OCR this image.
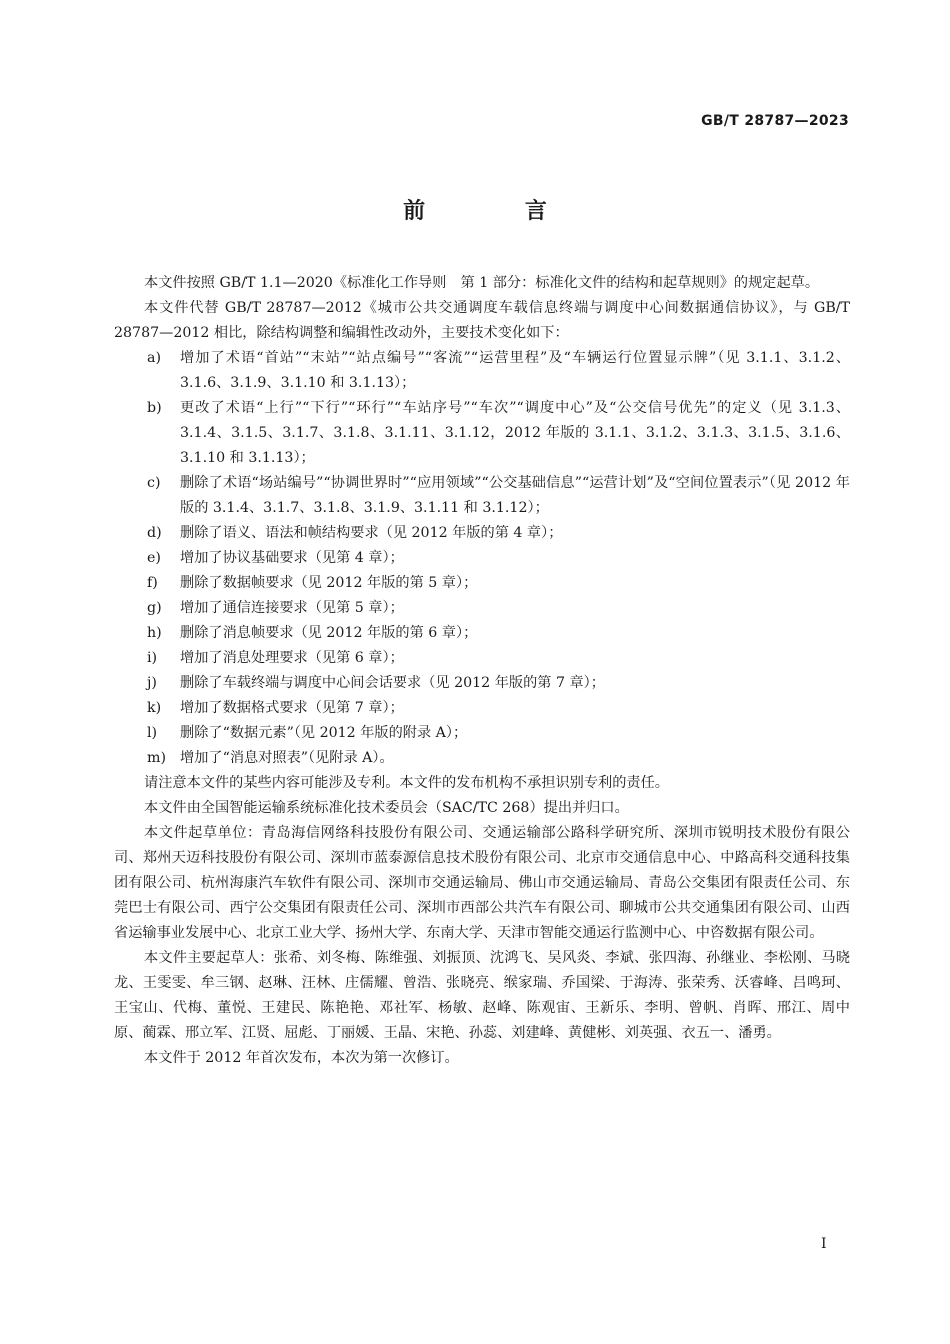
GB/T 28787—2023
前 言

本文件按照 GB/T 1.1—2020《标准化工作导则　第 1 部分：标准化文件的结构和起草规则》的规定起草。

本文件代替 GB/T 28787—2012《城市公共交通调度车载信息终端与调度中心间数据通信协议》，与 GB/T 28787—2012 相比，除结构调整和编辑性改动外，主要技术变化如下：

a) 增加了术语“首站”“末站”“站点编号”“客流”“运营里程”及“车辆运行位置显示牌”（见 3.1.1、3.1.2、3.1.6、3.1.9、3.1.10 和 3.1.13）；

b) 更改了术语“上行”“下行”“环行”“车站序号”“车次”“调度中心”及“公交信号优先”的定义（见 3.1.3、3.1.4、3.1.5、3.1.7、3.1.8、3.1.11、3.1.12，2012 年版的 3.1.1、3.1.2、3.1.3、3.1.5、3.1.6、3.1.10 和 3.1.13）；

c) 删除了术语“场站编号”“协调世界时”“应用领域”“公交基础信息”“运营计划”及“空间位置表示”（见 2012 年版的 3.1.4、3.1.7、3.1.8、3.1.9、3.1.11 和 3.1.12）；

d) 删除了语义、语法和帧结构要求（见 2012 年版的第 4 章）；

e) 增加了协议基础要求（见第 4 章）；

f) 删除了数据帧要求（见 2012 年版的第 5 章）；

g) 增加了通信连接要求（见第 5 章）；

h) 删除了消息帧要求（见 2012 年版的第 6 章）；

i) 增加了消息处理要求（见第 6 章）；

j) 删除了车载终端与调度中心间会话要求（见 2012 年版的第 7 章）；

k) 增加了数据格式要求（见第 7 章）；

l) 删除了“数据元素”（见 2012 年版的附录 A）；

m) 增加了“消息对照表”（见附录 A）。

请注意本文件的某些内容可能涉及专利。本文件的发布机构不承担识别专利的责任。

本文件由全国智能运输系统标准化技术委员会（SAC/TC 268）提出并归口。

本文件起草单位：青岛海信网络科技股份有限公司、交通运输部公路科学研究所、深圳市锐明技术股份有限公司、郑州天迈科技股份有限公司、深圳市蓝泰源信息技术股份有限公司、北京市交通信息中心、中路高科交通科技集团有限公司、杭州海康汽车软件有限公司、深圳市交通运输局、佛山市交通运输局、青岛公交集团有限责任公司、东莞巴士有限公司、西宁公交集团有限责任公司、深圳市西部公共汽车有限公司、聊城市公共交通集团有限公司、山西省运输事业发展中心、北京工业大学、扬州大学、东南大学、天津市智能交通运行监测中心、中咨数据有限公司。

本文件主要起草人：张希、刘冬梅、陈维强、刘振顶、沈鸿飞、吴风炎、李斌、张四海、孙继业、李松刚、马晓龙、王雯雯、牟三钢、赵琳、汪林、庄儒耀、曾浩、张晓亮、缑家瑞、乔国梁、于海涛、张荣秀、沃睿峰、吕鸣珂、王宝山、代梅、董悦、王建民、陈艳艳、邓社军、杨敏、赵峰、陈观宙、王新乐、李明、曾帆、肖晖、邢江、周中原、蔺霖、邢立军、江贤、屈彪、丁丽媛、王晶、宋艳、孙蕊、刘建峰、黄健彬、刘英强、衣五一、潘勇。

本文件于 2012 年首次发布，本次为第一次修订。

I
